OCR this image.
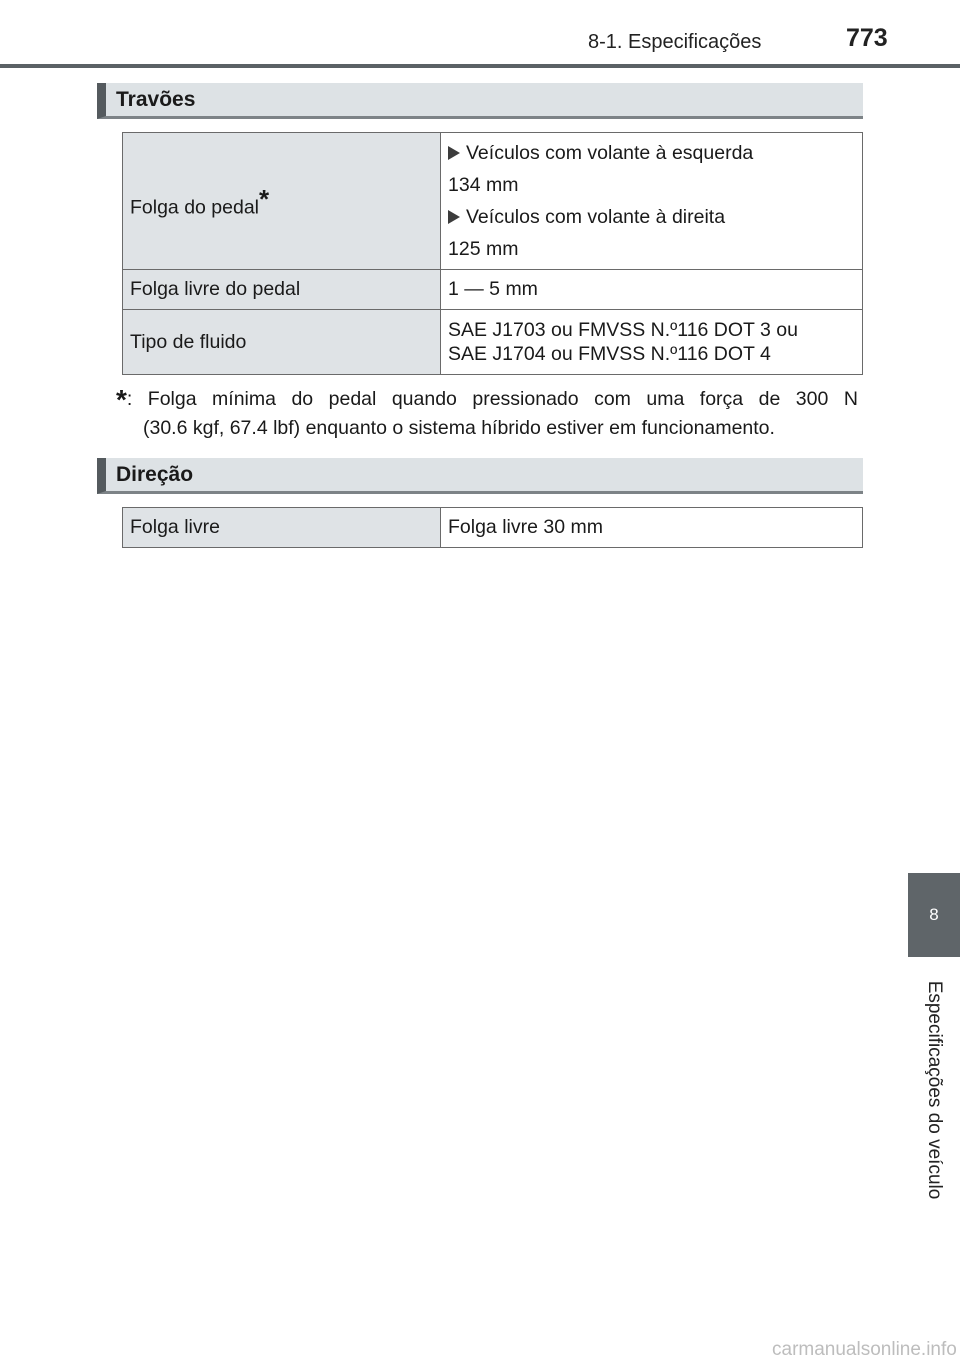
8-1. Especificações	773
Travões
Folga do pedal*	Veículos com volante à esquerda
134 mm
Veículos com volante à direita
125 mm

Folga livre do pedal	1 — 5 mm
Tipo de fluido	SAE J1703 ou FMVSS N.º116 DOT 3 ou
SAE J1704 ou FMVSS N.º116 DOT 4
*: Folga mínima do pedal quando pressionado com uma força de 300 N
(30.6 kgf, 67.4 lbf) enquanto o sistema híbrido estiver em funcionamento.
Direção
Folga livre	Folga livre 30 mm
8
Especificações do veículo
carmanualsonline.info
